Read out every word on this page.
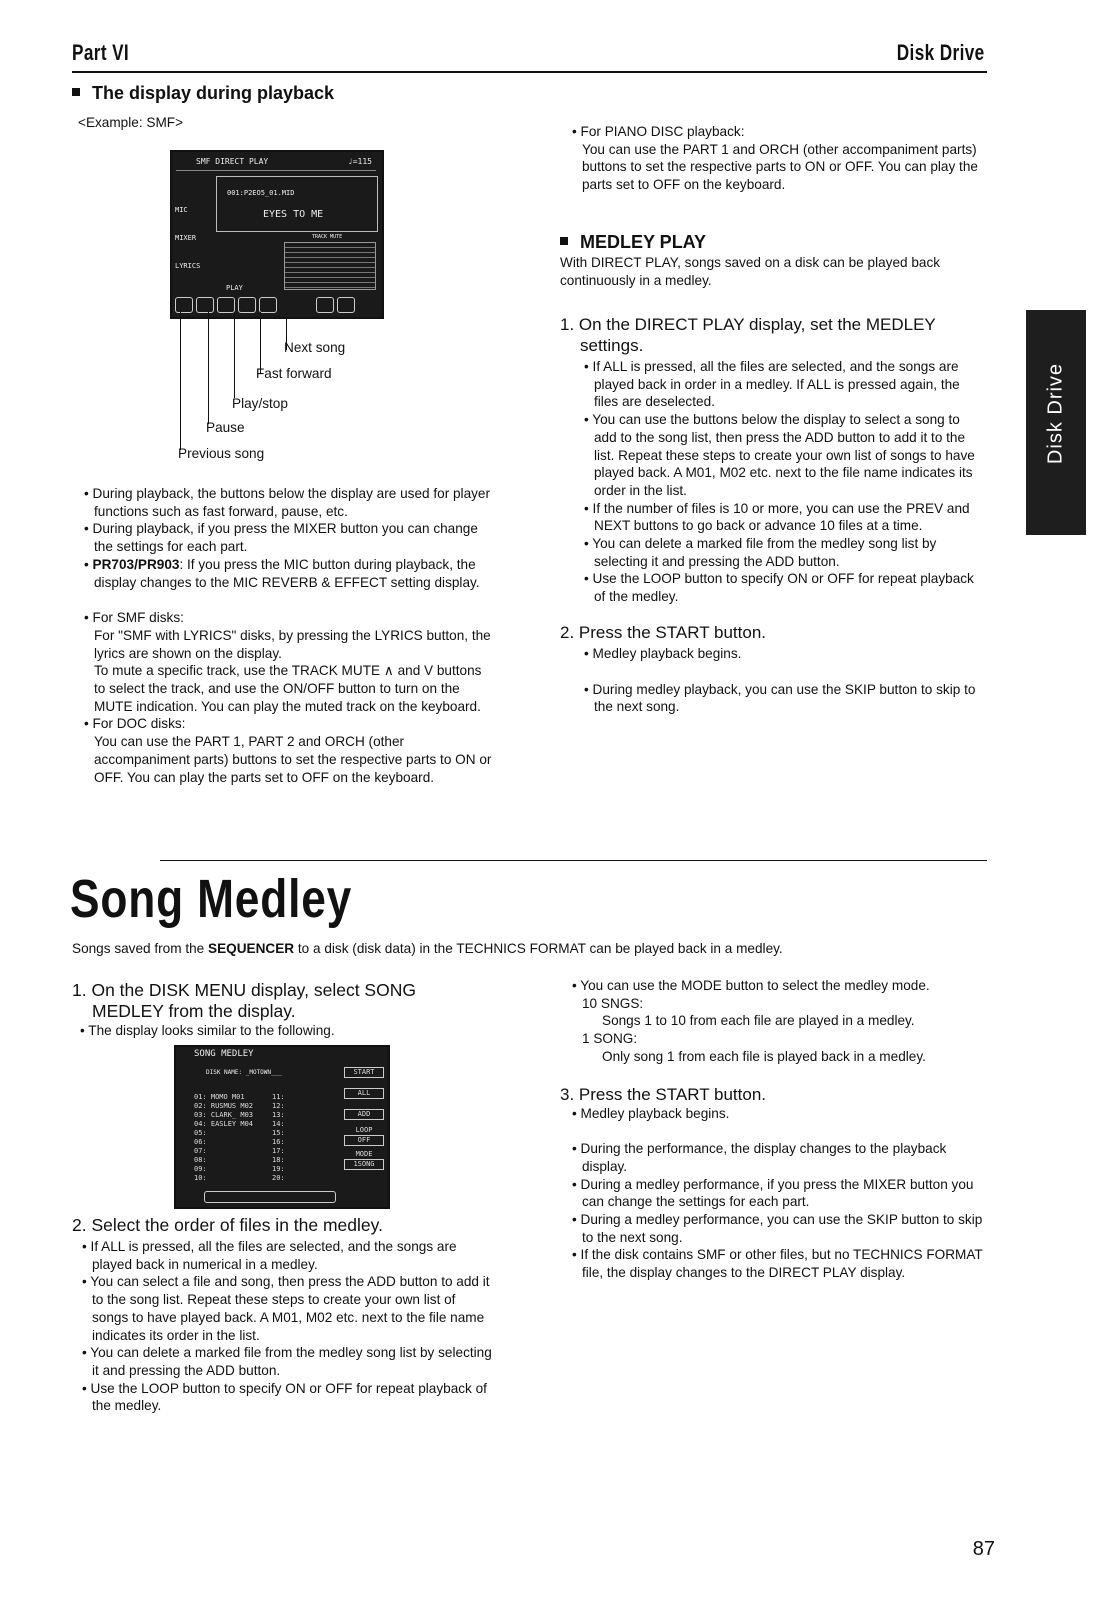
Part VI	Disk Drive
Disk Drive
The display during playback
<Example: SMF>
SMF DIRECT PLAY	♩=115
001:P2EO5_01.MID
EYES TO ME
MIC
MIXER
LYRICS
PLAY
TRACK MUTE

Next song
Fast forward
Play/stop
Pause
Previous song

• During playback, the buttons below the display are used for player functions such as fast forward, pause, etc.

• During playback, if you press the MIXER button you can change the settings for each part.

• PR703/PR903: If you press the MIC button during playback, the display changes to the MIC REVERB & EFFECT setting display.

• For SMF disks:

For "SMF with LYRICS" disks, by pressing the LYRICS button, the lyrics are shown on the display.

To mute a specific track, use the TRACK MUTE ∧ and V buttons to select the track, and use the ON/OFF button to turn on the MUTE indication. You can play the muted track on the keyboard.

• For DOC disks:

You can use the PART 1, PART 2 and ORCH (other accompaniment parts) buttons to set the respective parts to ON or OFF. You can play the parts set to OFF on the keyboard.

• For PIANO DISC playback:

You can use the PART 1 and ORCH (other accompaniment parts) buttons to set the respective parts to ON or OFF. You can play the parts set to OFF on the keyboard.

MEDLEY PLAY

With DIRECT PLAY, songs saved on a disk can be played back continuously in a medley.

1. On the DIRECT PLAY display, set the MEDLEY settings.

• If ALL is pressed, all the files are selected, and the songs are played back in order in a medley. If ALL is pressed again, the files are deselected.

• You can use the buttons below the display to select a song to add to the song list, then press the ADD button to add it to the list. Repeat these steps to create your own list of songs to have played back. A M01, M02 etc. next to the file name indicates its order in the list.

• If the number of files is 10 or more, you can use the PREV and NEXT buttons to go back or advance 10 files at a time.

• You can delete a marked file from the medley song list by selecting it and pressing the ADD button.

• Use the LOOP button to specify ON or OFF for repeat playback of the medley.

2. Press the START button.

• Medley playback begins.

• During medley playback, you can use the SKIP button to skip to the next song.

Song Medley
Songs saved from the SEQUENCER to a disk (disk data) in the TECHNICS FORMAT can be played back in a medley.

1. On the DISK MENU display, select SONG MEDLEY from the display.

• The display looks similar to the following.

SONG MEDLEY
DISK NAME: _MOTOWN___
01: MOMO M01
02: RUSMUS M02
03: CLARK_ M03
04: EASLEY M04
05:
06:
07:
08:
09:
10:
11:
12:
13:
14:
15:
16:
17:
18:
19:
20:
START
ALL
ADD
LOOP
OFF
MODE
1SONG

2. Select the order of files in the medley.

• If ALL is pressed, all the files are selected, and the songs are played back in numerical in a medley.

• You can select a file and song, then press the ADD button to add it to the song list. Repeat these steps to create your own list of songs to have played back. A M01, M02 etc. next to the file name indicates its order in the list.

• You can delete a marked file from the medley song list by selecting it and pressing the ADD button.

• Use the LOOP button to specify ON or OFF for repeat playback of the medley.

• You can use the MODE button to select the medley mode.

10 SNGS:

Songs 1 to 10 from each file are played in a medley.

1 SONG:

Only song 1 from each file is played back in a medley.

3. Press the START button.

• Medley playback begins.

• During the performance, the display changes to the playback display.

• During a medley performance, if you press the MIXER button you can change the settings for each part.

• During a medley performance, you can use the SKIP button to skip to the next song.

• If the disk contains SMF or other files, but no TECHNICS FORMAT file, the display changes to the DIRECT PLAY display.

87
